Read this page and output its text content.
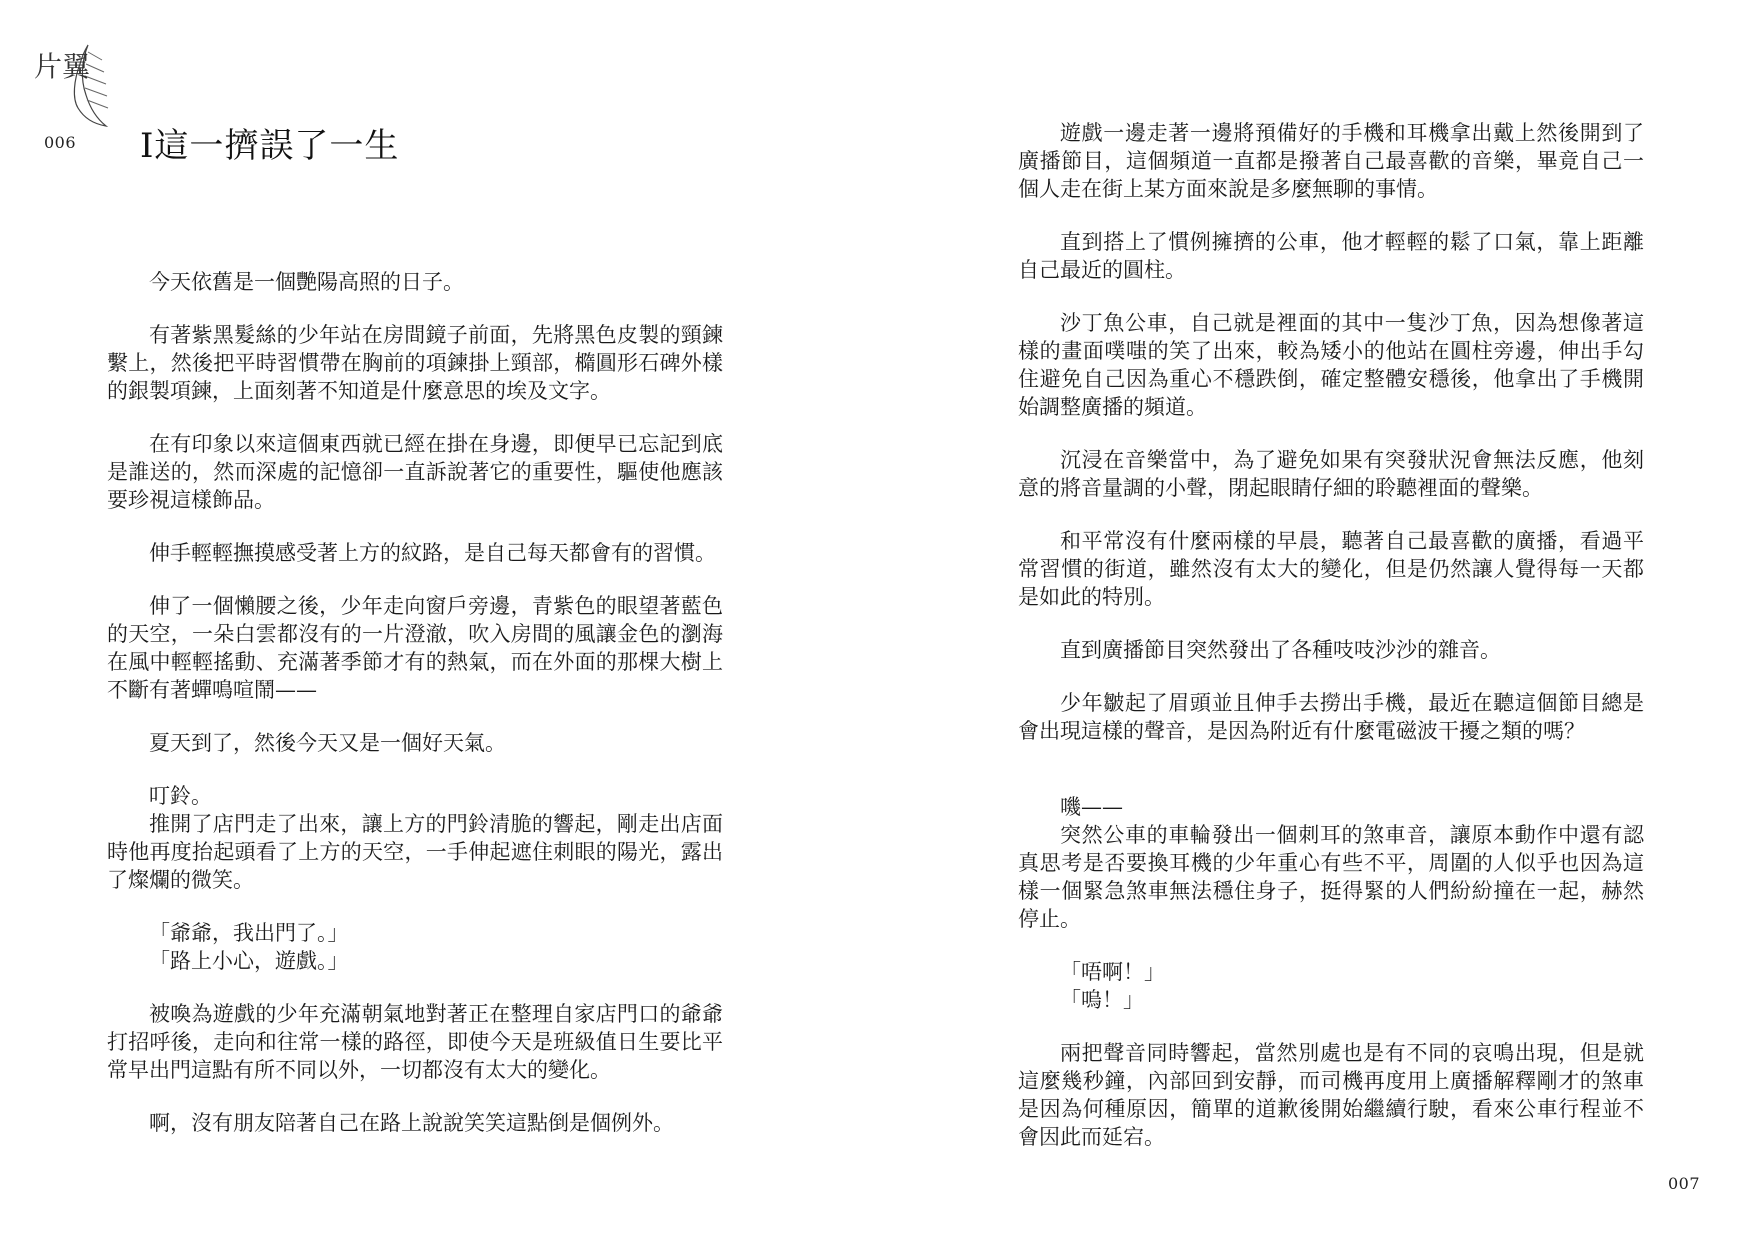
片翼
006 I這一擠誤了一生

今天依舊是一個艷陽高照的日子。

有著紫黑髮絲的少年站在房間鏡子前面，先將黑色皮製的頸鍊繫上，然後把平時習慣帶在胸前的項鍊掛上頸部，橢圓形石碑外樣的銀製項鍊，上面刻著不知道是什麼意思的埃及文字。

在有印象以來這個東西就已經在掛在身邊，即便早已忘記到底是誰送的，然而深處的記憶卻一直訴說著它的重要性，驅使他應該要珍視這樣飾品。

伸手輕輕撫摸感受著上方的紋路，是自己每天都會有的習慣。

伸了一個懶腰之後，少年走向窗戶旁邊，青紫色的眼望著藍色的天空，一朵白雲都沒有的一片澄澈，吹入房間的風讓金色的瀏海在風中輕輕搖動、充滿著季節才有的熱氣，而在外面的那棵大樹上不斷有著蟬鳴喧鬧——

夏天到了，然後今天又是一個好天氣。

叮鈴。

推開了店門走了出來，讓上方的門鈴清脆的響起，剛走出店面時他再度抬起頭看了上方的天空，一手伸起遮住刺眼的陽光，露出了燦爛的微笑。

「爺爺，我出門了。」

「路上小心，遊戲。」

被喚為遊戲的少年充滿朝氣地對著正在整理自家店門口的爺爺打招呼後，走向和往常一樣的路徑，即使今天是班級值日生要比平常早出門這點有所不同以外，一切都沒有太大的變化。

啊，沒有朋友陪著自己在路上說說笑笑這點倒是個例外。

007

遊戲一邊走著一邊將預備好的手機和耳機拿出戴上然後開到了廣播節目，這個頻道一直都是撥著自己最喜歡的音樂，畢竟自己一個人走在街上某方面來說是多麼無聊的事情。

直到搭上了慣例擁擠的公車，他才輕輕的鬆了口氣，靠上距離自己最近的圓柱。

沙丁魚公車，自己就是裡面的其中一隻沙丁魚，因為想像著這樣的畫面噗嗤的笑了出來，較為矮小的他站在圓柱旁邊，伸出手勾住避免自己因為重心不穩跌倒，確定整體安穩後，他拿出了手機開始調整廣播的頻道。

沉浸在音樂當中，為了避免如果有突發狀況會無法反應，他刻意的將音量調的小聲，閉起眼睛仔細的聆聽裡面的聲樂。

和平常沒有什麼兩樣的早晨，聽著自己最喜歡的廣播，看過平常習慣的街道，雖然沒有太大的變化，但是仍然讓人覺得每一天都是如此的特別。

直到廣播節目突然發出了各種吱吱沙沙的雜音。

少年皺起了眉頭並且伸手去撈出手機，最近在聽這個節目總是會出現這樣的聲音，是因為附近有什麼電磁波干擾之類的嗎？

嘰——

突然公車的車輪發出一個刺耳的煞車音，讓原本動作中還有認真思考是否要換耳機的少年重心有些不平，周圍的人似乎也因為這樣一個緊急煞車無法穩住身子，挺得緊的人們紛紛撞在一起，赫然停止。

「唔啊！」

「嗚！」

兩把聲音同時響起，當然別處也是有不同的哀鳴出現，但是就這麼幾秒鐘，內部回到安靜，而司機再度用上廣播解釋剛才的煞車是因為何種原因，簡單的道歉後開始繼續行駛，看來公車行程並不會因此而延宕。
